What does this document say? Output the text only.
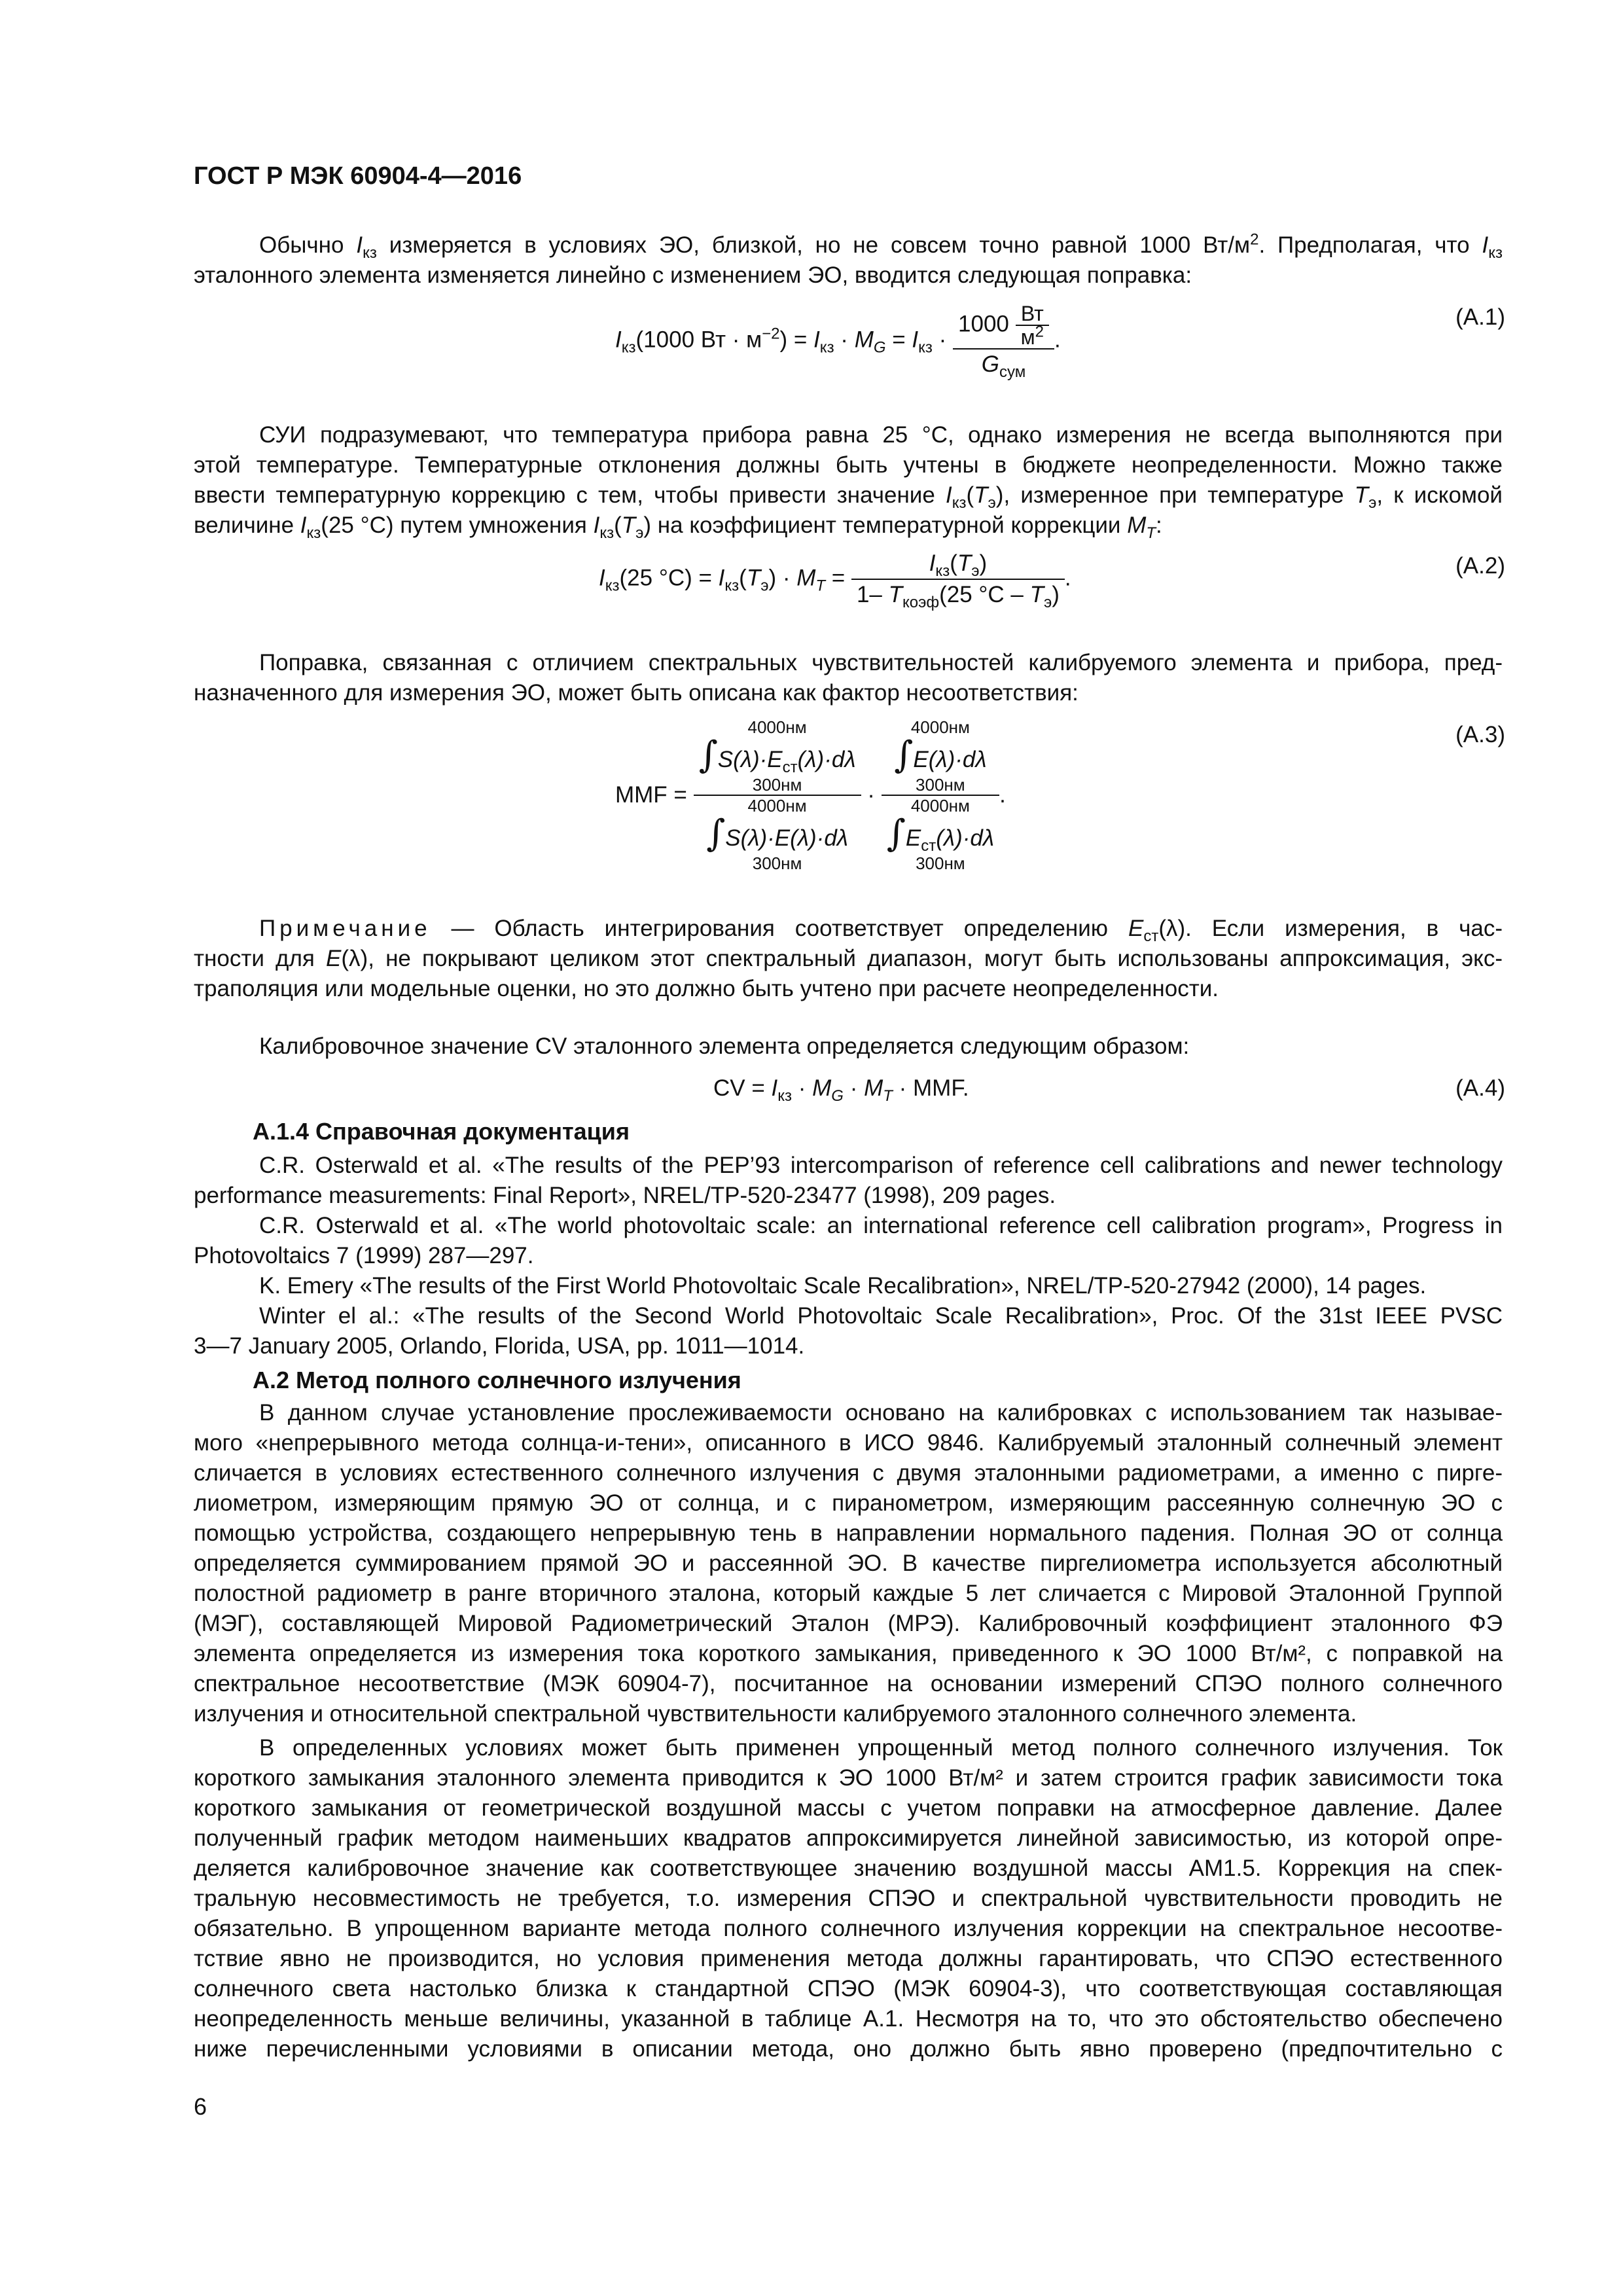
ГОСТ Р МЭК 60904-4—2016
Обычно $I_{кз}$ измеряется в условиях ЭО, близкой, но не совсем точно равной 1000 $Вт/м^2$. Предполагая, что $I_{кз}$
эталонного элемента изменяется линейно с изменением ЭО, вводится следующая поправка:
$I_{кз}(1000$ Вт · $м^{-2}) = I_{кз} \cdot M_G = I_{кз} \cdot \frac{1000 \frac{Вт}{м^2}}{G_{сум}}$ .
(A.1)
СУИ подразумевают, что температура прибора равна 25 °С, однако измерения не всегда выполняются при
этой температуре. Температурные отклонения должны быть учтены в бюджете неопределенности. Можно также
ввести температурную коррекцию с тем, чтобы привести значение $I_{кз}(T_э)$, измеренное при температуре $T_э$, к искомой
величине $I_{кз}(25$ °С) путем умножения $I_{кз}(T_э)$ на коэффициент температурной коррекции $M_T$:
$I_{кз}(25$ $^\circ С) = I_{кз}(T_э) \cdot M_T = \frac{I_{кз}(T_э)}{1- T_{коэф}(25 ^\circ C - T_э)}$ .	(A.2)
Поправка, связанная с отличием спектральных чувствительностей калибруемого элемента и прибора, пред-
назначенного для измерения ЭО, может быть описана как фактор несоответствия:
MMF = 4000нм
$\int S(\lambda)\cdot E_{ст}(\lambda)\cdot d\lambda$
300нм
4000нм
∫S(λ)·E(λ)·dλ
300нм · 4000нм
∫E(λ)·dλ
300нм
4000нм
$\int E_{ст}(\lambda)\cdot d\lambda$
300нм .
(A.3)
Примечание — Область интегрирования соответствует определению $E_{ст}(\lambda)$. Если измерения, в час-
тности для E(λ), не покрывают целиком этот спектральный диапазон, могут быть использованы аппроксимация, экс-
траполяция или модельные оценки, но это должно быть учтено при расчете неопределенности.
Калибровочное значение CV эталонного элемента определяется следующим образом:
CV = $I_{кз} \cdot M_G \cdot M_T$ · MMF.	(A.4)
А.1.4 Справочная документация
C.R. Osterwald et al. «The results of the PEP’93 intercomparison of reference cell calibrations and newer technology
performance measurements: Final Report», NREL/TP-520-23477 (1998), 209 pages.
C.R. Osterwald et al. «The world photovoltaic scale: an international reference cell calibration program», Progress in
Photovoltaics 7 (1999) 287—297.
K. Emery «The results of the First World Photovoltaic Scale Recalibration», NREL/TP-520-27942 (2000), 14 pages.
Winter el al.: «The results of the Second World Photovoltaic Scale Recalibration», Proc. Of the 31st IEEE PVSC
3—7 January 2005, Orlando, Florida, USA, pp. 1011—1014.
А.2 Метод полного солнечного излучения
В данном случае установление прослеживаемости основано на калибровках с использованием так называе-
мого «непрерывного метода солнца-и-тени», описанного в ИСО 9846. Калибруемый эталонный солнечный элемент
сличается в условиях естественного солнечного излучения с двумя эталонными радиометрами, а именно с пирге-
лиометром, измеряющим прямую ЭО от солнца, и с пиранометром, измеряющим рассеянную солнечную ЭО с
помощью устройства, создающего непрерывную тень в направлении нормального падения. Полная ЭО от солнца
определяется суммированием прямой ЭО и рассеянной ЭО. В качестве пиргелиометра используется абсолютный
полостной радиометр в ранге вторичного эталона, который каждые 5 лет сличается с Мировой Эталонной Группой
(МЭГ), составляющей Мировой Радиометрический Эталон (МРЭ). Калибровочный коэффициент эталонного ФЭ
элемента определяется из измерения тока короткого замыкания, приведенного к ЭО 1000 Вт/м², с поправкой на
спектральное несоответствие (МЭК 60904-7), посчитанное на основании измерений СПЭО полного солнечного
излучения и относительной спектральной чувствительности калибруемого эталонного солнечного элемента.
В определенных условиях может быть применен упрощенный метод полного солнечного излучения. Ток
короткого замыкания эталонного элемента приводится к ЭО 1000 Вт/м² и затем строится график зависимости тока
короткого замыкания от геометрической воздушной массы с учетом поправки на атмосферное давление. Далее
полученный график методом наименьших квадратов аппроксимируется линейной зависимостью, из которой опре-
деляется калибровочное значение как соответствующее значению воздушной массы АМ1.5. Коррекция на спек-
тральную несовместимость не требуется, т.о. измерения СПЭО и спектральной чувствительности проводить не
обязательно. В упрощенном варианте метода полного солнечного излучения коррекции на спектральное несоотве-
тствие явно не производится, но условия применения метода должны гарантировать, что СПЭО естественного
солнечного света настолько близка к стандартной СПЭО (МЭК 60904-3), что соответствующая составляющая
неопределенность меньше величины, указанной в таблице А.1. Несмотря на то, что это обстоятельство обеспечено
ниже перечисленными условиями в описании метода, оно должно быть явно проверено (предпочтительно с
6
